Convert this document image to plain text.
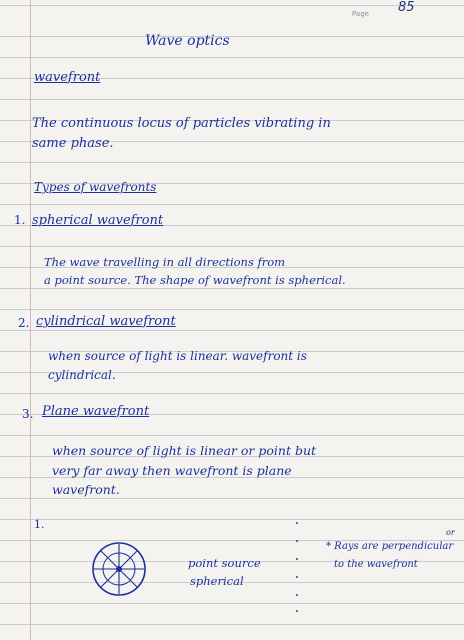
Page 85
Wave optics
wavefront
The continuous locus of particles vibrating in
same phase.
Types of wavefronts
1. spherical wavefront
The wave travelling in all directions from
a point source. The shape of wavefront is spherical.
2. cylindrical wavefront
when source of light is linear. wavefront is
cylindrical.
3. Plane wavefront
when source of light is linear or point but
very far away then wavefront is plane
wavefront.
1.
point source
spherical
or
* Rays are perpendicular
to the wavefront
